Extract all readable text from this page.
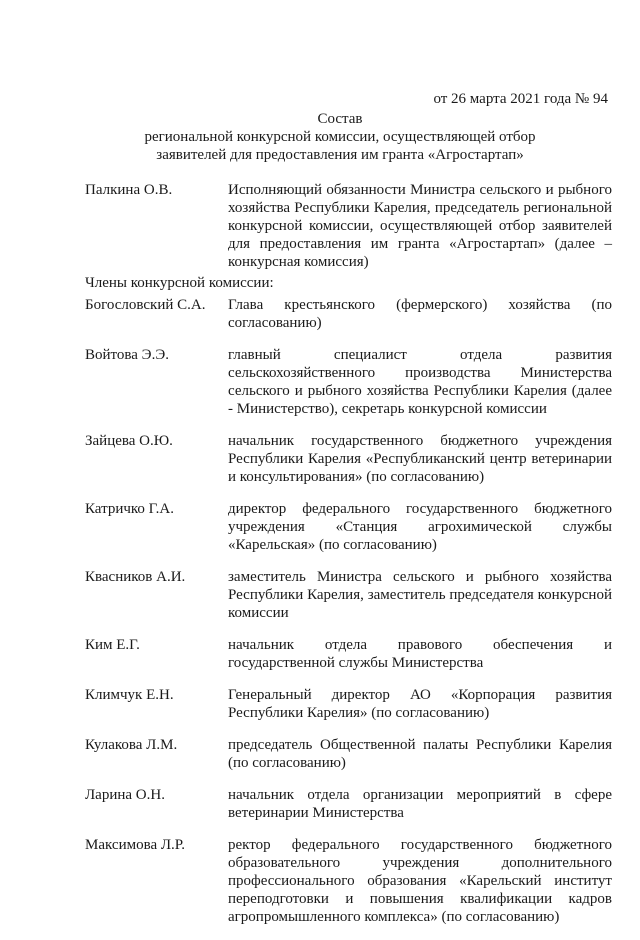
от 26 марта 2021 года № 94
Состав
региональной конкурсной комиссии, осуществляющей отбор
заявителей для предоставления им гранта «Агростартап»
Палкина О.В.	Исполняющий обязанности Министра сельского и рыбного хозяйства Республики Карелия, председатель региональной конкурсной комиссии, осуществляющей отбор заявителей для предоставления им гранта «Агростартап» (далее – конкурсная комиссия)
Члены конкурсной комиссии:
Богословский С.А.	Глава крестьянского (фермерского) хозяйства (по согласованию)
Войтова Э.Э.	главный специалист отдела развития сельскохозяйственного производства Министерства сельского и рыбного хозяйства Республики Карелия (далее - Министерство), секретарь конкурсной комиссии
Зайцева О.Ю.	начальник государственного бюджетного учреждения Республики Карелия «Республиканский центр ветеринарии и консультирования» (по согласованию)
Катричко Г.А.	директор федерального государственного бюджетного учреждения «Станция агрохимической службы «Карельская» (по согласованию)
Квасников А.И.	заместитель Министра сельского и рыбного хозяйства Республики Карелия, заместитель председателя конкурсной комиссии
Ким Е.Г.	начальник отдела правового обеспечения и государственной службы Министерства
Климчук Е.Н.	Генеральный директор АО «Корпорация развития Республики Карелия» (по согласованию)
Кулакова Л.М.	председатель Общественной палаты Республики Карелия (по согласованию)
Ларина О.Н.	начальник отдела организации мероприятий в сфере ветеринарии Министерства
Максимова Л.Р.	ректор федерального государственного бюджетного образовательного учреждения дополнительного профессионального образования «Карельский институт переподготовки и повышения квалификации кадров агропромышленного комплекса» (по согласованию)
